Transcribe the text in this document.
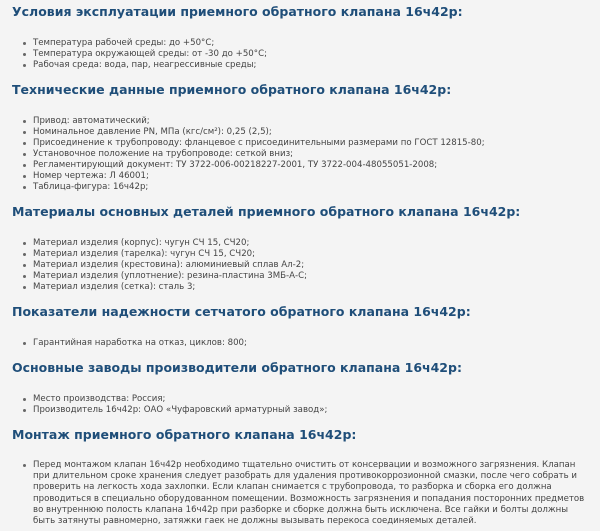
Условия эксплуатации приемного обратного клапана 16ч42р:
Температура рабочей среды: до +50°С;
Температура окружающей среды: от -30 до +50°С;
Рабочая среда: вода, пар, неагрессивные среды;
Технические данные приемного обратного клапана 16ч42р:
Привод: автоматический;
Номинальное давление PN, МПа (кгс/см²): 0,25 (2,5);
Присоединение к трубопроводу: фланцевое с присоединительными размерами по ГОСТ 12815-80;
Установочное положение на трубопроводе: сеткой вниз;
Регламентирующий документ: ТУ 3722-006-00218227-2001, ТУ 3722-004-48055051-2008;
Номер чертежа: Л 46001;
Таблица-фигура: 16ч42р;
Материалы основных деталей приемного обратного клапана 16ч42р:
Материал изделия (корпус): чугун СЧ 15, СЧ20;
Материал изделия (тарелка): чугун СЧ 15, СЧ20;
Материал изделия (крестовина): алюминиевый сплав Ал-2;
Материал изделия (уплотнение): резина-пластина 3МБ-А-С;
Материал изделия (сетка): сталь 3;
Показатели надежности сетчатого обратного клапана 16ч42р:
Гарантийная наработка на отказ, циклов: 800;
Основные заводы производители обратного клапана 16ч42р:
Место производства: Россия;
Производитель 16ч42р: ОАО «Чуфаровский арматурный завод»;
Монтаж приемного обратного клапана 16ч42р:
Перед монтажом клапан 16ч42р необходимо тщательно очистить от консервации и возможного загрязнения. Клапан при длительном сроке хранения следует разобрать для удаления противокоррозионной смазки, после чего собрать и проверить на легкость хода захлопки. Если клапан снимается с трубопровода, то разборка и сборка его должна проводиться в специально оборудованном помещении. Возможность загрязнения и попадания посторонних предметов во внутреннюю полость клапана 16ч42р при разборке и сборке должна быть исключена. Все гайки и болты должны быть затянуты равномерно, затяжки гаек не должны вызывать перекоса соединяемых деталей.
